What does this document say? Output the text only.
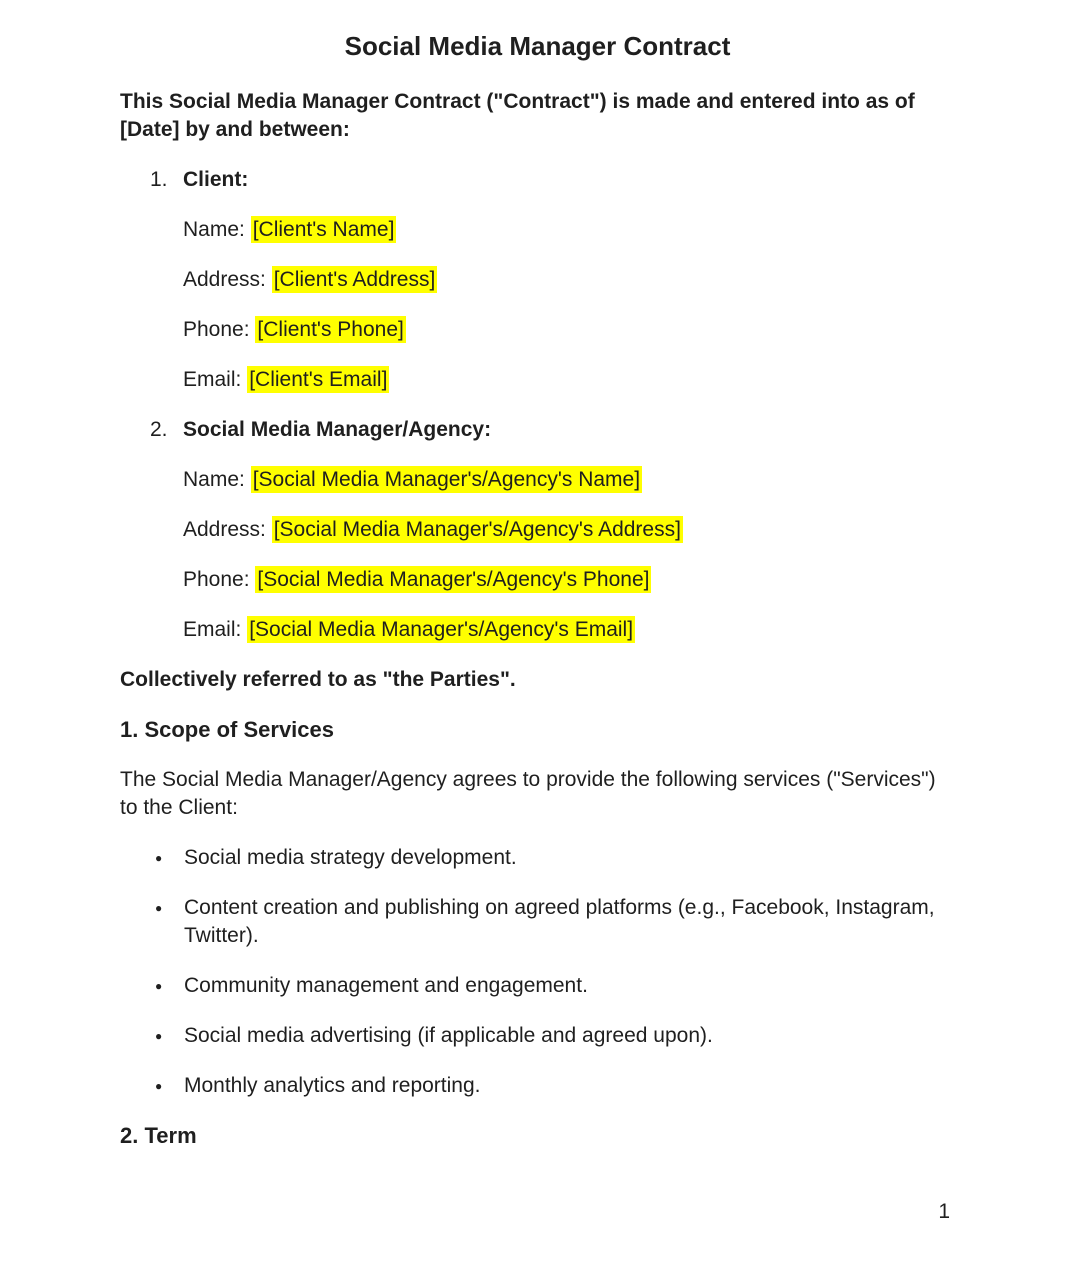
Social Media Manager Contract

This Social Media Manager Contract ("Contract") is made and entered into as of [Date] by and between:

1. Client:

Name: [Client's Name]

Address: [Client's Address]

Phone: [Client's Phone]

Email: [Client's Email]

2. Social Media Manager/Agency:

Name: [Social Media Manager's/Agency's Name]

Address: [Social Media Manager's/Agency's Address]

Phone: [Social Media Manager's/Agency's Phone]

Email: [Social Media Manager's/Agency's Email]

Collectively referred to as "the Parties".

1. Scope of Services

The Social Media Manager/Agency agrees to provide the following services ("Services") to the Client:

● Social media strategy development.
● Content creation and publishing on agreed platforms (e.g., Facebook, Instagram, Twitter).
● Community management and engagement.
● Social media advertising (if applicable and agreed upon).
● Monthly analytics and reporting.

2. Term

1
